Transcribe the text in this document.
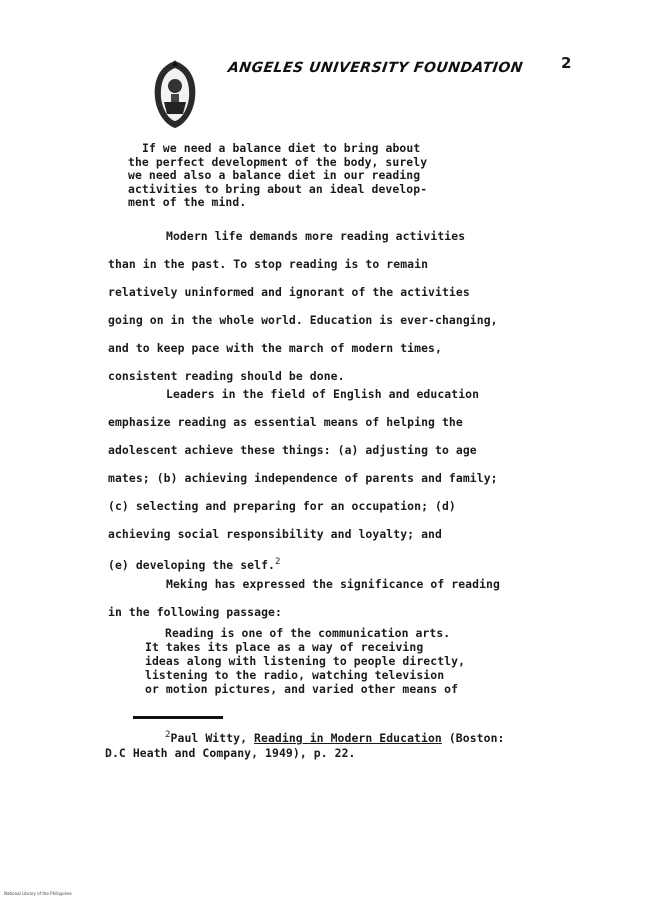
ANGELES UNIVERSITY FOUNDATION 2
If we need a balance diet to bring about
the perfect development of the body, surely
we need also a balance diet in our reading
activities to bring about an ideal develop-
ment of the mind.
Modern life demands more reading activities
than in the past. To stop reading is to remain
relatively uninformed and ignorant of the activities
going on in the whole world. Education is ever-changing,
and to keep pace with the march of modern times,
consistent reading should be done.
Leaders in the field of English and education
emphasize reading as essential means of helping the
adolescent achieve these things: (a) adjusting to age
mates; (b) achieving independence of parents and family;
(c) selecting and preparing for an occupation; (d)
achieving social responsibility and loyalty; and
(e) developing the self.$^2$
Meking has expressed the significance of reading
in the following passage:
Reading is one of the communication arts.
It takes its place as a way of receiving
ideas along with listening to people directly,
listening to the radio, watching television
or motion pictures, and varied other means of
$^2$Paul Witty, Reading in Modern Education (Boston:
D.C Heath and Company, 1949), p. 22.
National Library of the Philippines
